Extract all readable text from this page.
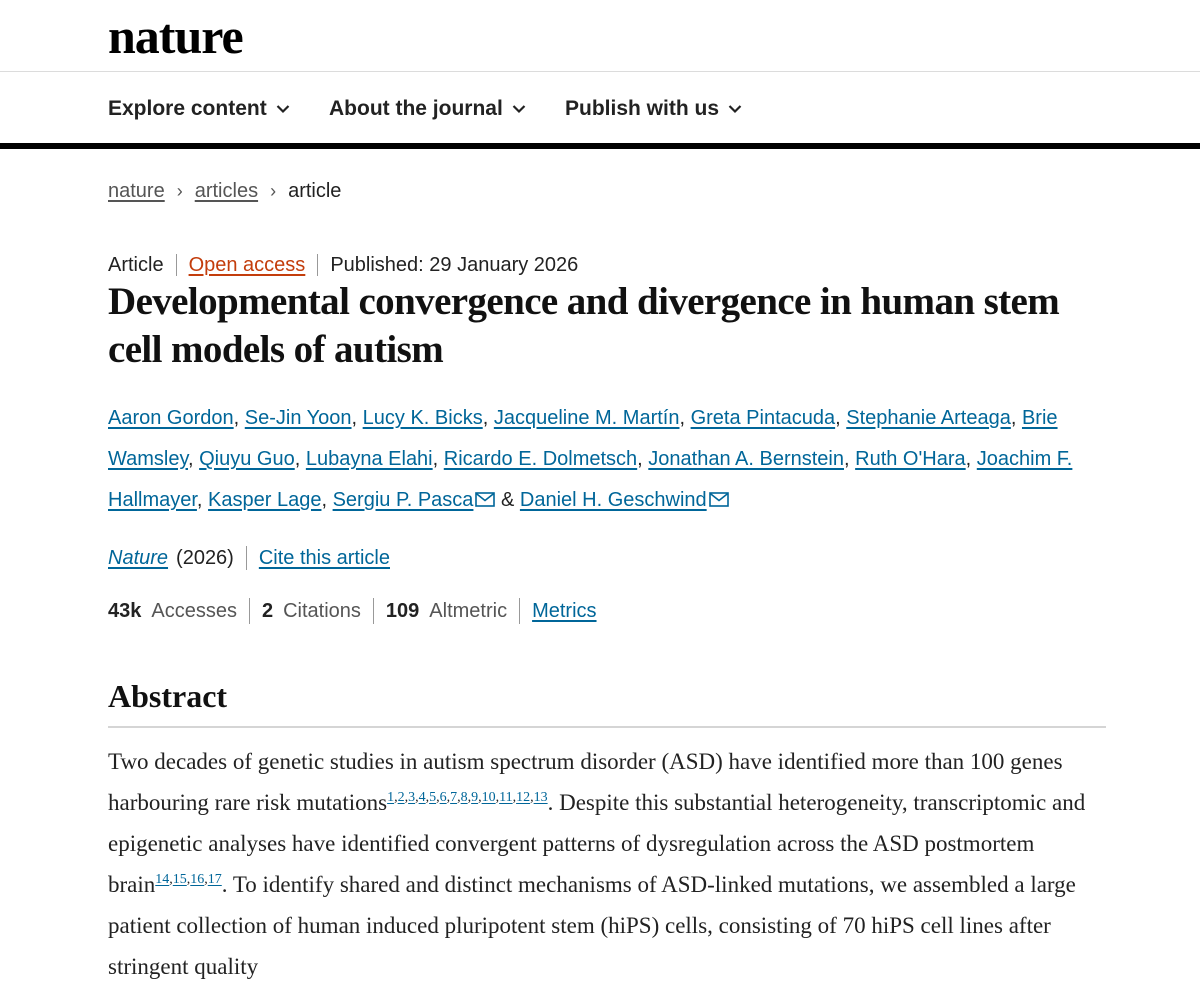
nature
Explore content	About the journal	Publish with us
nature › articles › article
Article Open access Published: 29 January 2026
Developmental convergence and divergence in human stem cell models of autism
Aaron Gordon, Se-Jin Yoon, Lucy K. Bicks, Jacqueline M. Martín, Greta Pintacuda, Stephanie Arteaga, Brie Wamsley, Qiuyu Guo, Lubayna Elahi, Ricardo E. Dolmetsch, Jonathan A. Bernstein, Ruth O'Hara, Joachim F. Hallmayer, Kasper Lage, Sergiu P. Pasca & Daniel H. Geschwind
Nature (2026) Cite this article
43k Accesses 2 Citations 109 Altmetric Metrics
Abstract

Two decades of genetic studies in autism spectrum disorder (ASD) have identified more than 100 genes harbouring rare risk mutations$^{1,2,3,4,5,6,7,8,9,10,11,12,13}$. Despite this substantial heterogeneity, transcriptomic and epigenetic analyses have identified convergent patterns of dysregulation across the ASD postmortem brain$^{14,15,16,17}$. To identify shared and distinct mechanisms of ASD-linked mutations, we assembled a large patient collection of human induced pluripotent stem (hiPS) cells, consisting of 70 hiPS cell lines after stringent quality
